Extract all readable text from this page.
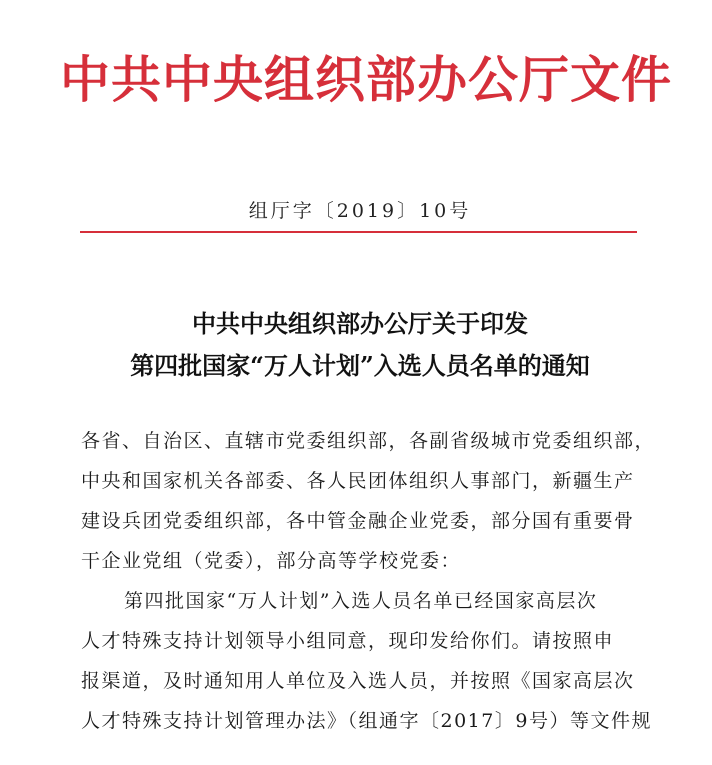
中共中央组织部办公厅文件
组厅字〔2019〕10号
中共中央组织部办公厅关于印发
第四批国家“万人计划”入选人员名单的通知
各省、自治区、直辖市党委组织部，各副省级城市党委组织部，
中央和国家机关各部委、各人民团体组织人事部门，新疆生产
建设兵团党委组织部，各中管金融企业党委，部分国有重要骨
干企业党组（党委），部分高等学校党委：
第四批国家“万人计划”入选人员名单已经国家高层次
人才特殊支持计划领导小组同意，现印发给你们。请按照申
报渠道，及时通知用人单位及入选人员，并按照《国家高层次
人才特殊支持计划管理办法》（组通字〔2017〕9号）等文件规
